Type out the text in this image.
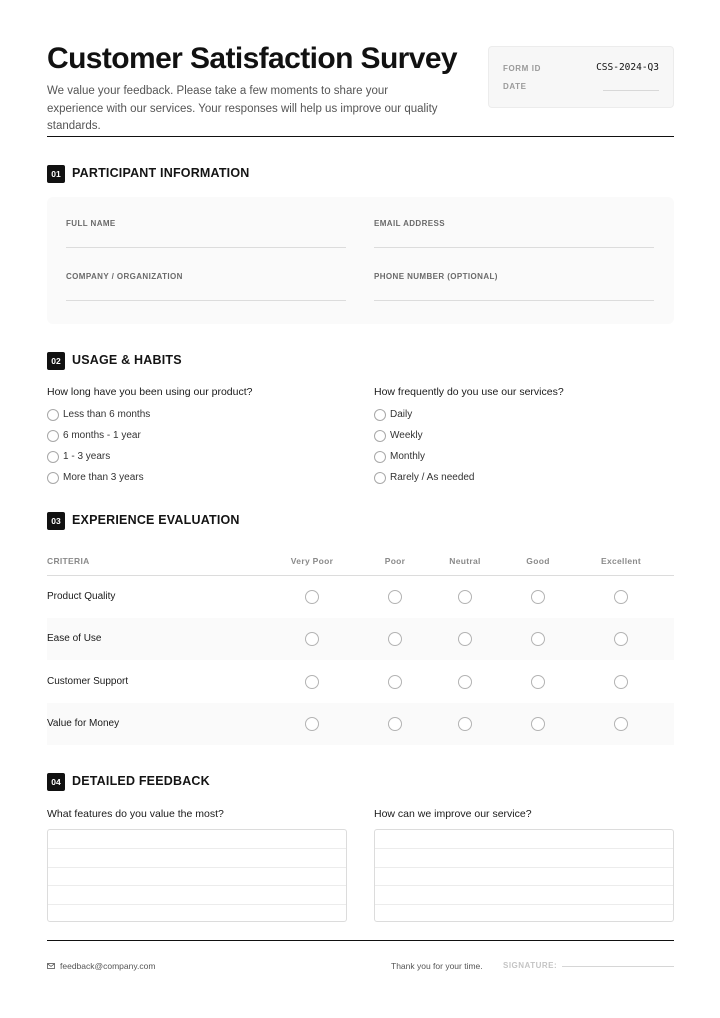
Customer Satisfaction Survey

We value your feedback. Please take a few moments to share your experience with our services. Your responses will help us improve our quality standards.

FORM ID	CSS-2024-Q3
DATE
01 PARTICIPANT INFORMATION
FULL NAME	EMAIL ADDRESS
COMPANY / ORGANIZATION	PHONE NUMBER (OPTIONAL)
02 USAGE & HABITS
How long have you been using our product?
Less than 6 months
6 months - 1 year
1 - 3 years
More than 3 years
How frequently do you use our services?
Daily
Weekly
Monthly
Rarely / As needed
03 EXPERIENCE EVALUATION
CRITERIA	Very Poor	Poor	Neutral	Good	Excellent
Product Quality
Ease of Use
Customer Support
Value for Money
04 DETAILED FEEDBACK
What features do you value the most?	How can we improve our service?
feedback@company.com	Thank you for your time.	SIGNATURE:
